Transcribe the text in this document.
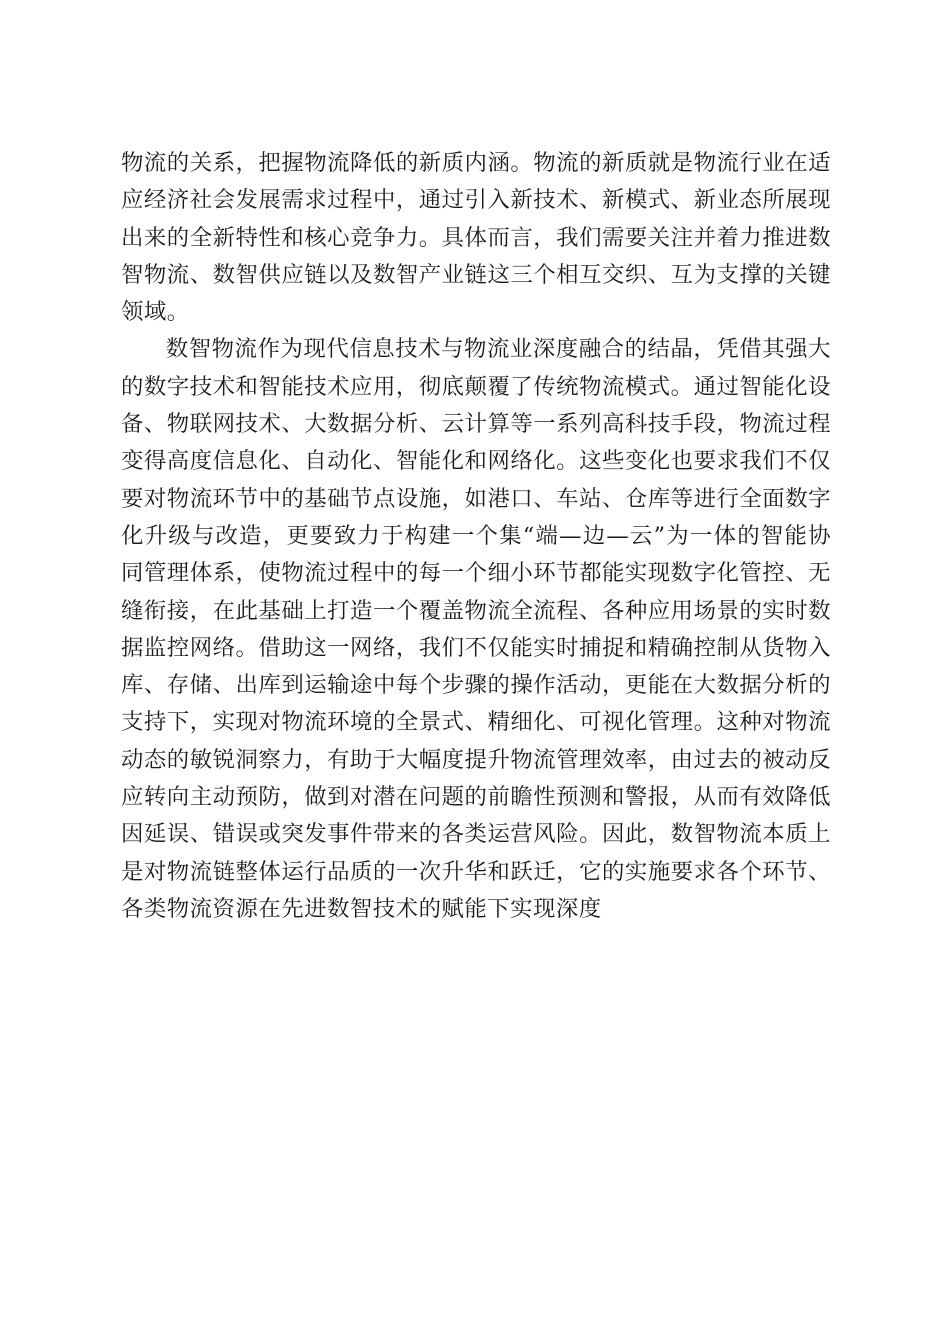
物流的关系，把握物流降低的新质内涵。物流的新质就是物流行业在适应经济社会发展需求过程中，通过引入新技术、新模式、新业态所展现出来的全新特性和核心竞争力。具体而言，我们需要关注并着力推进数智物流、数智供应链以及数智产业链这三个相互交织、互为支撑的关键领域。

数智物流作为现代信息技术与物流业深度融合的结晶，凭借其强大的数字技术和智能技术应用，彻底颠覆了传统物流模式。通过智能化设备、物联网技术、大数据分析、云计算等一系列高科技手段，物流过程变得高度信息化、自动化、智能化和网络化。这些变化也要求我们不仅要对物流环节中的基础节点设施，如港口、车站、仓库等进行全面数字化升级与改造，更要致力于构建一个集“端—边—云”为一体的智能协同管理体系，使物流过程中的每一个细小环节都能实现数字化管控、无缝衔接，在此基础上打造一个覆盖物流全流程、各种应用场景的实时数据监控网络。借助这一网络，我们不仅能实时捕捉和精确控制从货物入库、存储、出库到运输途中每个步骤的操作活动，更能在大数据分析的支持下，实现对物流环境的全景式、精细化、可视化管理。这种对物流动态的敏锐洞察力，有助于大幅度提升物流管理效率，由过去的被动反应转向主动预防，做到对潜在问题的前瞻性预测和警报，从而有效降低因延误、错误或突发事件带来的各类运营风险。因此，数智物流本质上是对物流链整体运行品质的一次升华和跃迁，它的实施要求各个环节、各类物流资源在先进数智技术的赋能下实现深度
